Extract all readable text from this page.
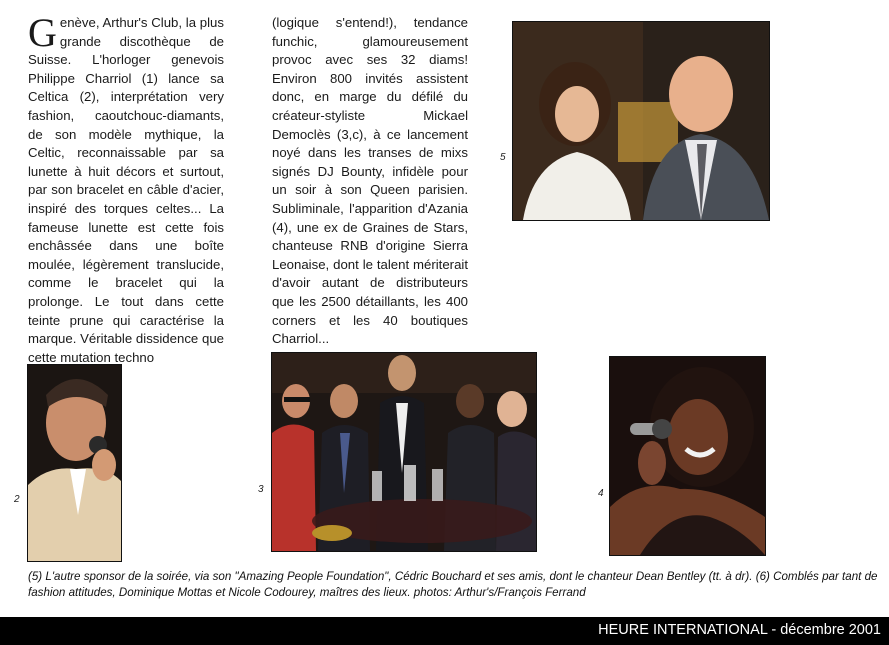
Genève, Arthur's Club, la plus grande discothèque de Suisse. L'horloger genevois Philippe Charriol (1) lance sa Celtica (2), interprétation very fashion, caoutchouc-diamants, de son modèle mythique, la Celtic, reconnaissable par sa lunette à huit décors et surtout, par son bracelet en câble d'acier, inspiré des torques celtes... La fameuse lunette est cette fois enchâssée dans une boîte moulée, légèrement translucide, comme le bracelet qui la prolonge. Le tout dans cette teinte prune qui caractérise la marque. Véritable dissidence que cette mutation techno
(logique s'entend!), tendance funchic, glamoureusement provoc avec ses 32 diams! Environ 800 invités assistent donc, en marge du défilé du créateur-styliste Mickael Democlès (3,c), à ce lancement noyé dans les transes de mixs signés DJ Bounty, infidèle pour un soir à son Queen parisien. Subliminale, l'apparition d'Azania (4), une ex de Graines de Stars, chanteuse RNB d'origine Sierra Leonaise, dont le talent mériterait d'avoir autant de distributeurs que les 2500 détaillants, les 400 corners et les 40 boutiques Charriol...
5
2
3	4
(5) L'autre sponsor de la soirée, via son "Amazing People Foundation", Cédric Bouchard et ses amis, dont le chanteur Dean Bentley (tt. à dr). (6) Comblés par tant de fashion attitudes, Dominique Mottas et Nicole Codourey, maîtres des lieux. photos: Arthur's/François Ferrand
HEURE INTERNATIONAL - décembre 2001
